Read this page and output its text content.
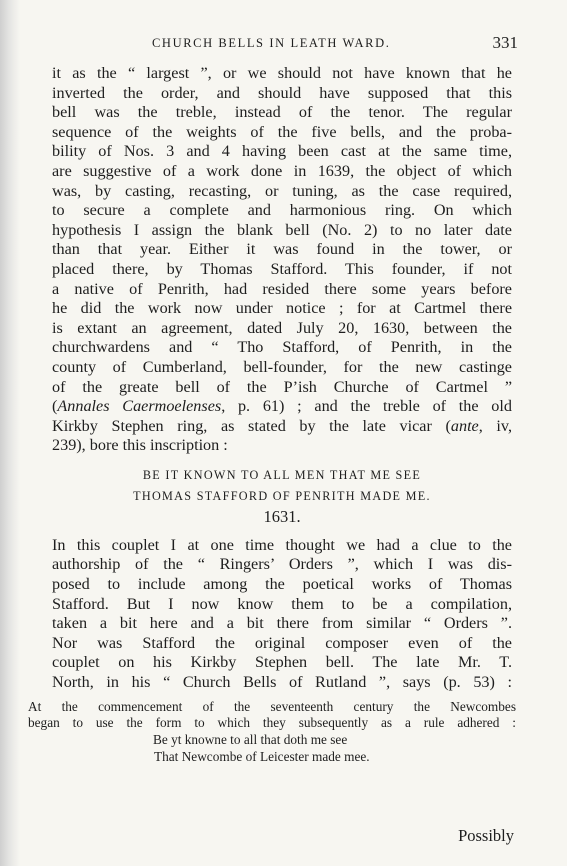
CHURCH BELLS IN LEATH WARD.	331
it as the “ largest ”, or we should not have known that he
inverted the order, and should have supposed that this
bell was the treble, instead of the tenor. The regular
sequence of the weights of the five bells, and the proba-
bility of Nos. 3 and 4 having been cast at the same time,
are suggestive of a work done in 1639, the object of which
was, by casting, recasting, or tuning, as the case required,
to secure a complete and harmonious ring. On which
hypothesis I assign the blank bell (No. 2) to no later date
than that year. Either it was found in the tower, or
placed there, by Thomas Stafford. This founder, if not
a native of Penrith, had resided there some years before
he did the work now under notice ; for at Cartmel there
is extant an agreement, dated July 20, 1630, between the
churchwardens and “ Tho Stafford, of Penrith, in the
county of Cumberland, bell-founder, for the new castinge
of the greate bell of the P’ish Churche of Cartmel ”
(Annales Caermoelenses, p. 61) ; and the treble of the old
Kirkby Stephen ring, as stated by the late vicar (ante, iv,
239), bore this inscription :
BE IT KNOWN TO ALL MEN THAT ME SEE
THOMAS STAFFORD OF PENRITH MADE ME.
1631.
In this couplet I at one time thought we had a clue to the
authorship of the “ Ringers’ Orders ”, which I was dis-
posed to include among the poetical works of Thomas
Stafford. But I now know them to be a compilation,
taken a bit here and a bit there from similar “ Orders ”.
Nor was Stafford the original composer even of the
couplet on his Kirkby Stephen bell. The late Mr. T.
North, in his “ Church Bells of Rutland ”, says (p. 53) :
At the commencement of the seventeenth century the Newcombes
began to use the form to which they subsequently as a rule adhered :
Be yt knowne to all that doth me see
That Newcombe of Leicester made mee.
Possibly
